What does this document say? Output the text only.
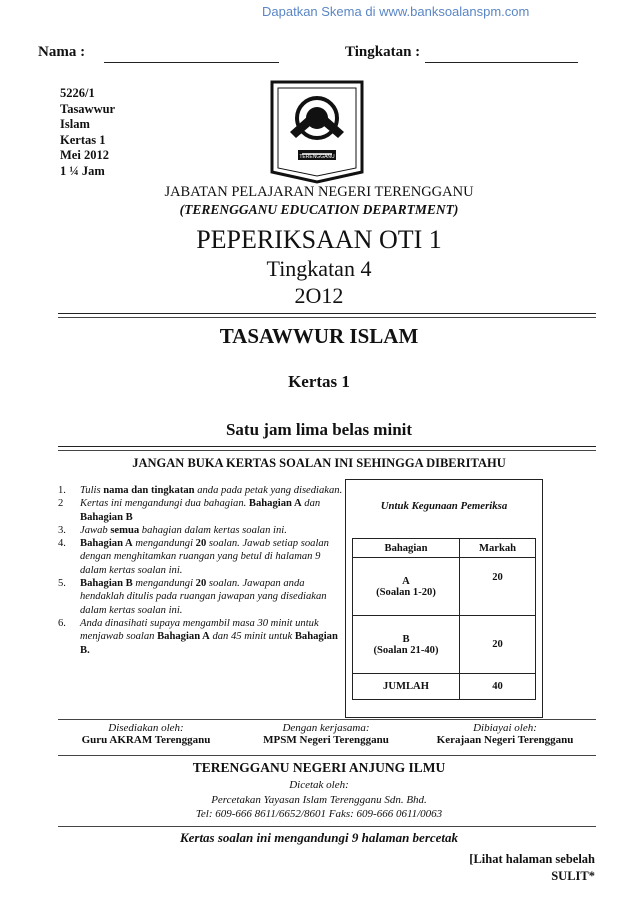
Dapatkan Skema di www.banksoalanspm.com
Nama :	Tingkatan :
5226/1
Tasawwur
Islam
Kertas 1
Mei 2012
1 ¼ Jam
TERENGGANU
JABATAN PELAJARAN NEGERI TERENGGANU
(TERENGGANU EDUCATION DEPARTMENT)
PEPERIKSAAN OTI 1
Tingkatan 4
2O12
TASAWWUR ISLAM
Kertas 1
Satu jam lima belas minit
JANGAN BUKA KERTAS SOALAN INI SEHINGGA DIBERITAHU
1.	Tulis nama dan tingkatan anda pada petak yang disediakan.
2	Kertas ini mengandungi dua bahagian. Bahagian A dan Bahagian B
3.	Jawab semua bahagian dalam kertas soalan ini.
4.	Bahagian A mengandungi 20 soalan. Jawab setiap soalan dengan menghitamkan ruangan yang betul di halaman 9 dalam kertas soalan ini.
5.	Bahagian B mengandungi 20 soalan. Jawapan anda hendaklah ditulis pada ruangan jawapan yang disediakan dalam kertas soalan ini.
6.	Anda dinasihati supaya mengambil masa 30 minit untuk menjawab soalan Bahagian A dan 45 minit untuk Bahagian B.
Untuk Kegunaan Pemeriksa
Bahagian	Markah

A
(Soalan 1-20)	20

B
(Soalan 21-40)	20
JUMLAH	40
Disediakan oleh:
Guru AKRAM Terengganu
Dengan kerjasama:
MPSM Negeri Terengganu
Dibiayai oleh:
Kerajaan Negeri Terengganu
TERENGGANU NEGERI ANJUNG ILMU
Dicetak oleh:
Percetakan Yayasan Islam Terengganu Sdn. Bhd.
Tel: 609-666 8611/6652/8601 Faks: 609-666 0611/0063
Kertas soalan ini mengandungi 9 halaman bercetak
[Lihat halaman sebelah
SULIT*
